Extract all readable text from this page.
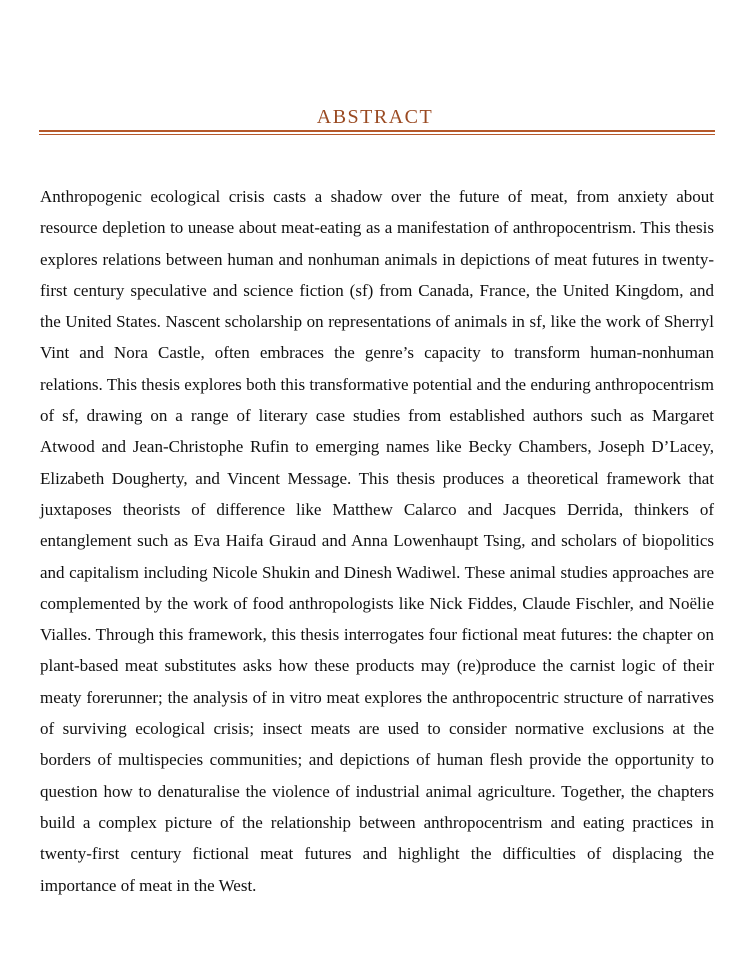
ABSTRACT

Anthropogenic ecological crisis casts a shadow over the future of meat, from anxiety about resource depletion to unease about meat-eating as a manifestation of anthropocentrism. This thesis explores relations between human and nonhuman animals in depictions of meat futures in twenty-first century speculative and science fiction (sf) from Canada, France, the United Kingdom, and the United States. Nascent scholarship on representations of animals in sf, like the work of Sherryl Vint and Nora Castle, often embraces the genre’s capacity to transform human-nonhuman relations. This thesis explores both this transformative potential and the enduring anthropocentrism of sf, drawing on a range of literary case studies from established authors such as Margaret Atwood and Jean-Christophe Rufin to emerging names like Becky Chambers, Joseph D’Lacey, Elizabeth Dougherty, and Vincent Message. This thesis produces a theoretical framework that juxtaposes theorists of difference like Matthew Calarco and Jacques Derrida, thinkers of entanglement such as Eva Haifa Giraud and Anna Lowenhaupt Tsing, and scholars of biopolitics and capitalism including Nicole Shukin and Dinesh Wadiwel. These animal studies approaches are complemented by the work of food anthropologists like Nick Fiddes, Claude Fischler, and Noëlie Vialles. Through this framework, this thesis interrogates four fictional meat futures: the chapter on plant-based meat substitutes asks how these products may (re)produce the carnist logic of their meaty forerunner; the analysis of in vitro meat explores the anthropocentric structure of narratives of surviving ecological crisis; insect meats are used to consider normative exclusions at the borders of multispecies communities; and depictions of human flesh provide the opportunity to question how to denaturalise the violence of industrial animal agriculture. Together, the chapters build a complex picture of the relationship between anthropocentrism and eating practices in twenty-first century fictional meat futures and highlight the difficulties of displacing the importance of meat in the West.
